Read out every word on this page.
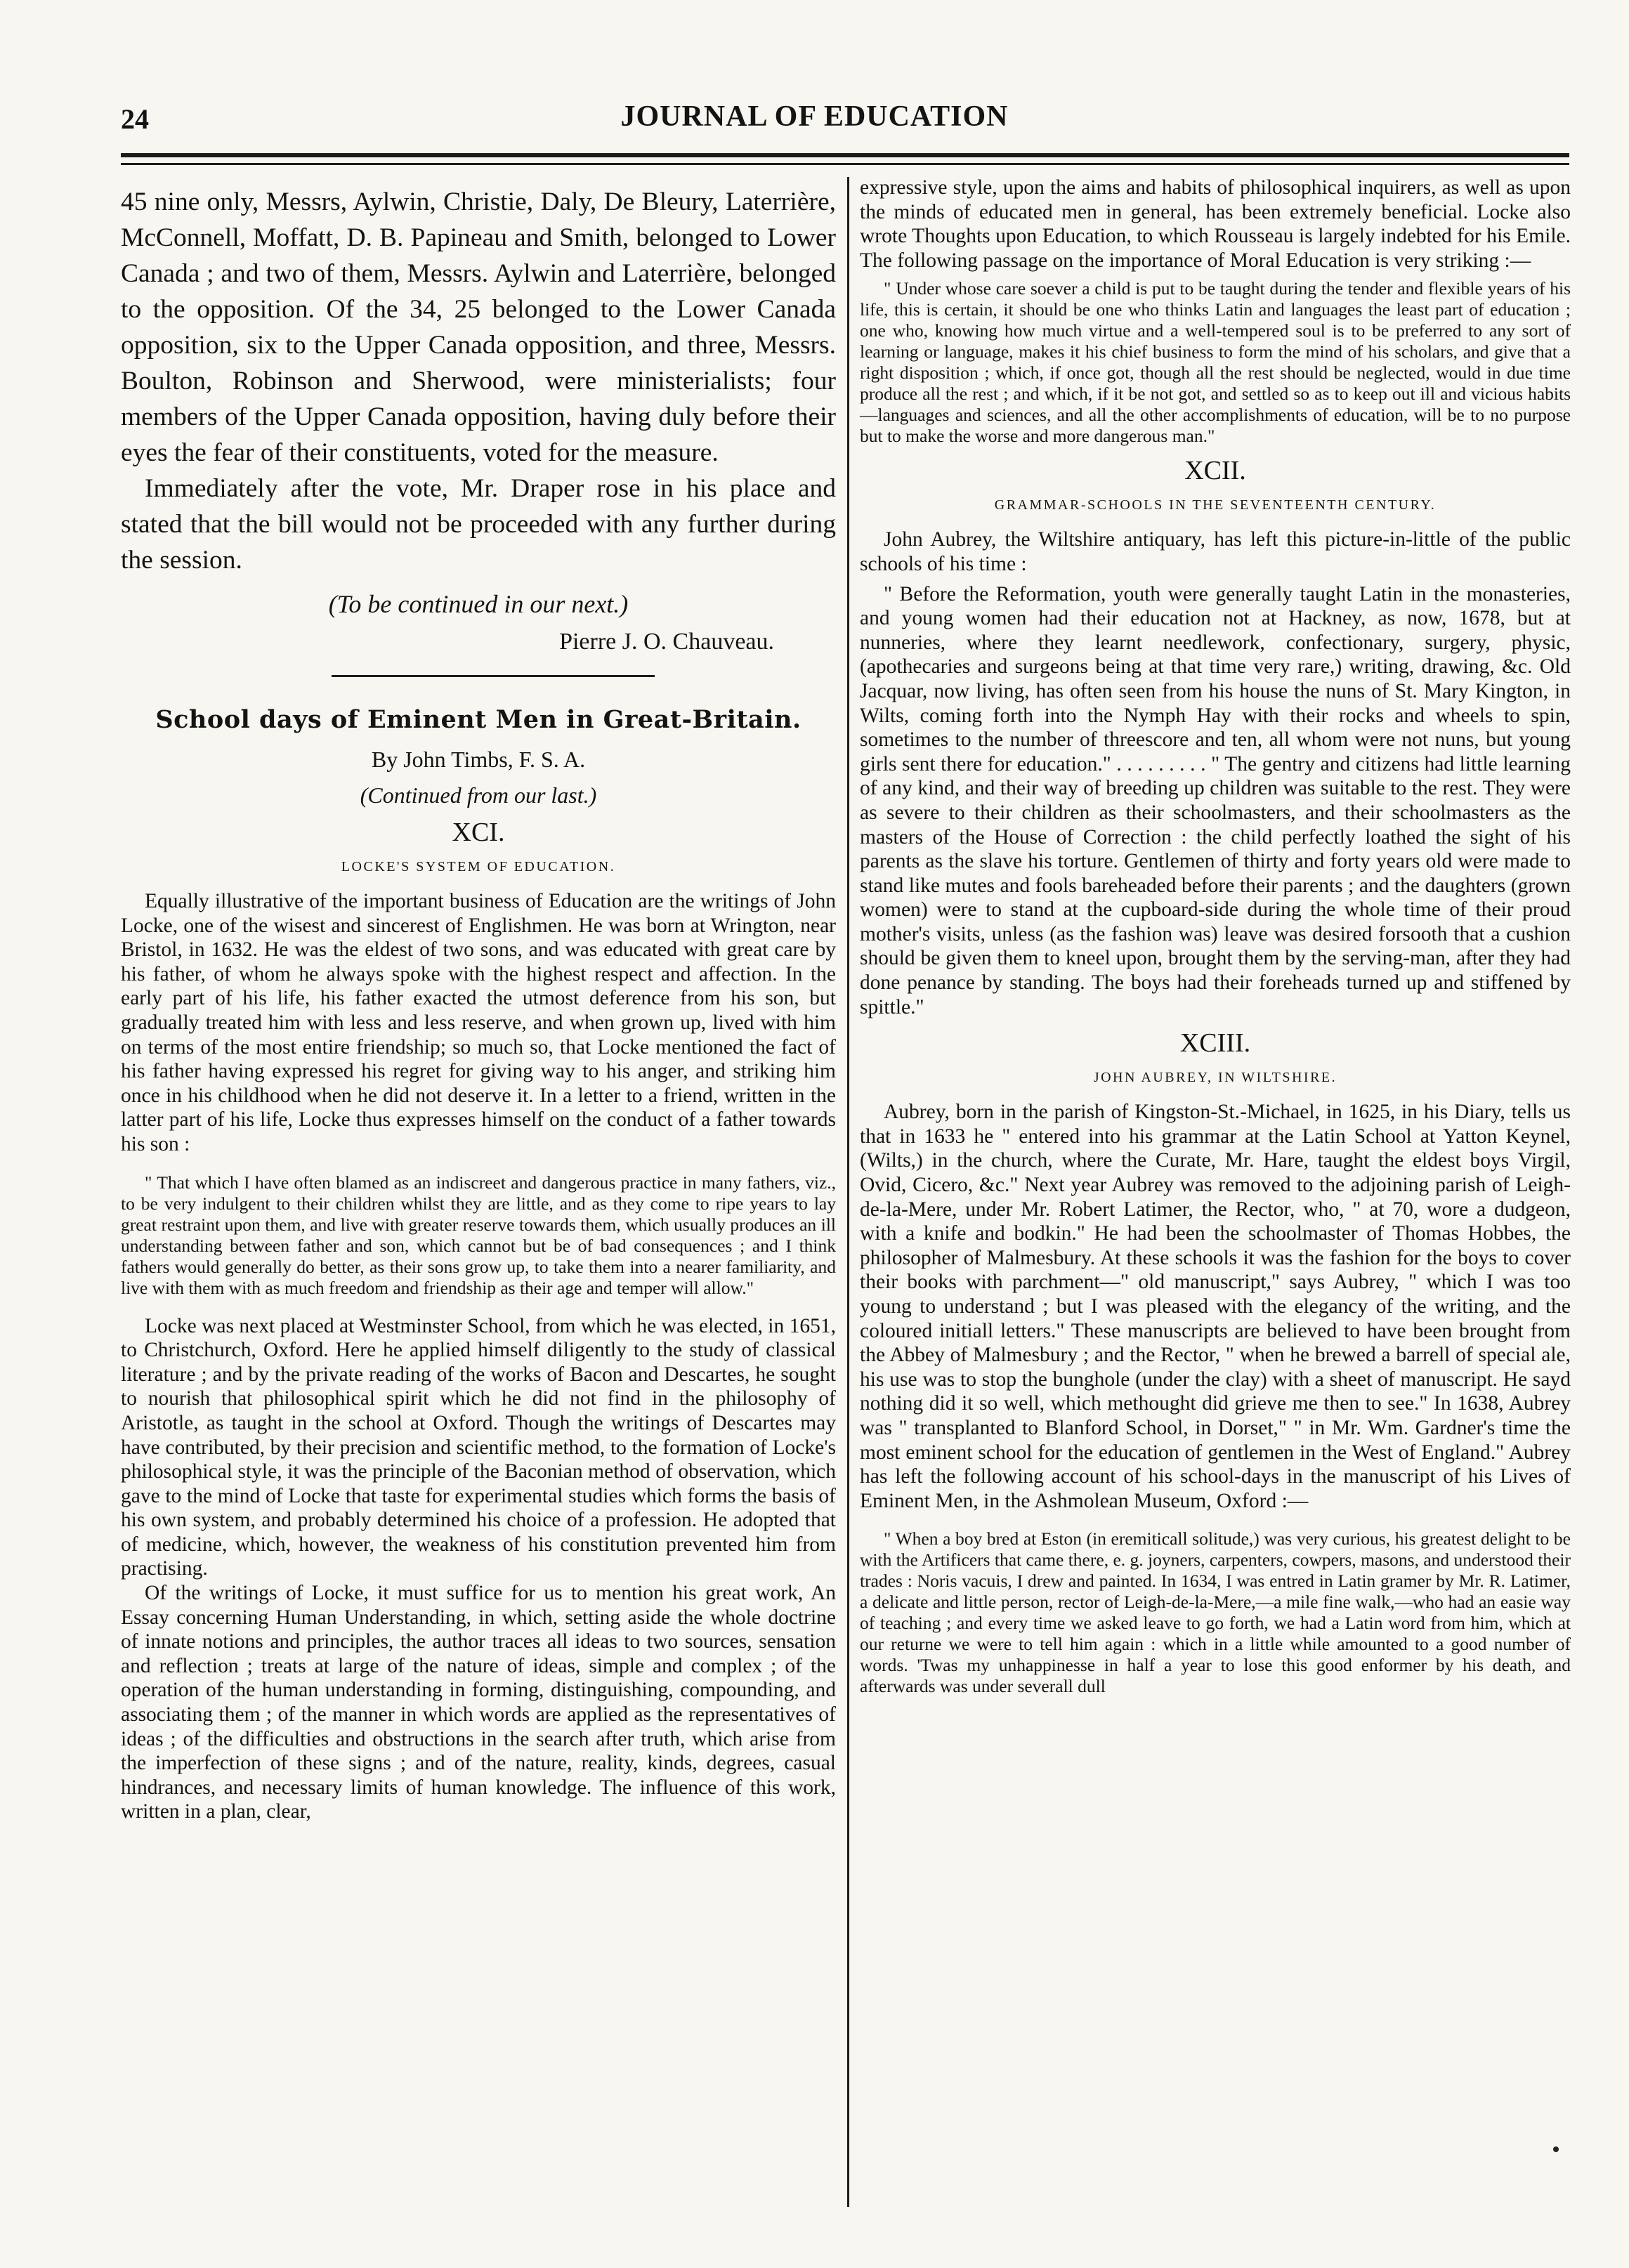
24	JOURNAL OF EDUCATION

45 nine only, Messrs, Aylwin, Christie, Daly, De Bleury, Laterrière, McConnell, Moffatt, D. B. Papineau and Smith, belonged to Lower Canada ; and two of them, Messrs. Aylwin and Laterrière, belonged to the opposition. Of the 34, 25 belonged to the Lower Canada opposition, six to the Upper Canada opposition, and three, Messrs. Boulton, Robinson and Sherwood, were ministerialists; four members of the Upper Canada opposition, having duly before their eyes the fear of their constituents, voted for the measure.

Immediately after the vote, Mr. Draper rose in his place and stated that the bill would not be proceeded with any further during the session.

(To be continued in our next.)
Pierre J. O. Chauveau.
School days of Eminent Men in Great-Britain.
By John Timbs, F. S. A.
(Continued from our last.)
XCI.
LOCKE'S SYSTEM OF EDUCATION.

Equally illustrative of the important business of Education are the writings of John Locke, one of the wisest and sincerest of Englishmen. He was born at Wrington, near Bristol, in 1632. He was the eldest of two sons, and was educated with great care by his father, of whom he always spoke with the highest respect and affection. In the early part of his life, his father exacted the utmost deference from his son, but gradually treated him with less and less reserve, and when grown up, lived with him on terms of the most entire friendship; so much so, that Locke mentioned the fact of his father having expressed his regret for giving way to his anger, and striking him once in his childhood when he did not deserve it. In a letter to a friend, written in the latter part of his life, Locke thus expresses himself on the conduct of a father towards his son :

" That which I have often blamed as an indiscreet and dangerous practice in many fathers, viz., to be very indulgent to their children whilst they are little, and as they come to ripe years to lay great restraint upon them, and live with greater reserve towards them, which usually produces an ill understanding between father and son, which cannot but be of bad consequences ; and I think fathers would generally do better, as their sons grow up, to take them into a nearer familiarity, and live with them with as much freedom and friendship as their age and temper will allow."

Locke was next placed at Westminster School, from which he was elected, in 1651, to Christchurch, Oxford. Here he applied himself diligently to the study of classical literature ; and by the private reading of the works of Bacon and Descartes, he sought to nourish that philosophical spirit which he did not find in the philosophy of Aristotle, as taught in the school at Oxford. Though the writings of Descartes may have contributed, by their precision and scientific method, to the formation of Locke's philosophical style, it was the principle of the Baconian method of observation, which gave to the mind of Locke that taste for experimental studies which forms the basis of his own system, and probably determined his choice of a profession. He adopted that of medicine, which, however, the weakness of his constitution prevented him from practising.

Of the writings of Locke, it must suffice for us to mention his great work, An Essay concerning Human Understanding, in which, setting aside the whole doctrine of innate notions and principles, the author traces all ideas to two sources, sensation and reflection ; treats at large of the nature of ideas, simple and complex ; of the operation of the human understanding in forming, distinguishing, compounding, and associating them ; of the manner in which words are applied as the representatives of ideas ; of the difficulties and obstructions in the search after truth, which arise from the imperfection of these signs ; and of the nature, reality, kinds, degrees, casual hindrances, and necessary limits of human knowledge. The influence of this work, written in a plan, clear,

expressive style, upon the aims and habits of philosophical inquirers, as well as upon the minds of educated men in general, has been extremely beneficial. Locke also wrote Thoughts upon Education, to which Rousseau is largely indebted for his Emile. The following passage on the importance of Moral Education is very striking :—

" Under whose care soever a child is put to be taught during the tender and flexible years of his life, this is certain, it should be one who thinks Latin and languages the least part of education ; one who, knowing how much virtue and a well-tempered soul is to be preferred to any sort of learning or language, makes it his chief business to form the mind of his scholars, and give that a right disposition ; which, if once got, though all the rest should be neglected, would in due time produce all the rest ; and which, if it be not got, and settled so as to keep out ill and vicious habits—languages and sciences, and all the other accomplishments of education, will be to no purpose but to make the worse and more dangerous man."

XCII.
GRAMMAR-SCHOOLS IN THE SEVENTEENTH CENTURY.

John Aubrey, the Wiltshire antiquary, has left this picture-in-little of the public schools of his time :

" Before the Reformation, youth were generally taught Latin in the monasteries, and young women had their education not at Hackney, as now, 1678, but at nunneries, where they learnt needlework, confectionary, surgery, physic, (apothecaries and surgeons being at that time very rare,) writing, drawing, &c. Old Jacquar, now living, has often seen from his house the nuns of St. Mary Kington, in Wilts, coming forth into the Nymph Hay with their rocks and wheels to spin, sometimes to the number of threescore and ten, all whom were not nuns, but young girls sent there for education." . . . . . . . . . " The gentry and citizens had little learning of any kind, and their way of breeding up children was suitable to the rest. They were as severe to their children as their schoolmasters, and their schoolmasters as the masters of the House of Correction : the child perfectly loathed the sight of his parents as the slave his torture. Gentlemen of thirty and forty years old were made to stand like mutes and fools bareheaded before their parents ; and the daughters (grown women) were to stand at the cupboard-side during the whole time of their proud mother's visits, unless (as the fashion was) leave was desired forsooth that a cushion should be given them to kneel upon, brought them by the serving-man, after they had done penance by standing. The boys had their foreheads turned up and stiffened by spittle."

XCIII.
JOHN AUBREY, IN WILTSHIRE.

Aubrey, born in the parish of Kingston-St.-Michael, in 1625, in his Diary, tells us that in 1633 he " entered into his grammar at the Latin School at Yatton Keynel, (Wilts,) in the church, where the Curate, Mr. Hare, taught the eldest boys Virgil, Ovid, Cicero, &c." Next year Aubrey was removed to the adjoining parish of Leigh-de-la-Mere, under Mr. Robert Latimer, the Rector, who, " at 70, wore a dudgeon, with a knife and bodkin." He had been the schoolmaster of Thomas Hobbes, the philosopher of Malmesbury. At these schools it was the fashion for the boys to cover their books with parchment—" old manuscript," says Aubrey, " which I was too young to understand ; but I was pleased with the elegancy of the writing, and the coloured initiall letters." These manuscripts are believed to have been brought from the Abbey of Malmesbury ; and the Rector, " when he brewed a barrell of special ale, his use was to stop the bunghole (under the clay) with a sheet of manuscript. He sayd nothing did it so well, which methought did grieve me then to see." In 1638, Aubrey was " transplanted to Blanford School, in Dorset," " in Mr. Wm. Gardner's time the most eminent school for the education of gentlemen in the West of England." Aubrey has left the following account of his school-days in the manuscript of his Lives of Eminent Men, in the Ashmolean Museum, Oxford :—

" When a boy bred at Eston (in eremiticall solitude,) was very curious, his greatest delight to be with the Artificers that came there, e. g. joyners, carpenters, cowpers, masons, and understood their trades : Noris vacuis, I drew and painted. In 1634, I was entred in Latin gramer by Mr. R. Latimer, a delicate and little person, rector of Leigh-de-la-Mere,—a mile fine walk,—who had an easie way of teaching ; and every time we asked leave to go forth, we had a Latin word from him, which at our returne we were to tell him again : which in a little while amounted to a good number of words. 'Twas my unhappinesse in half a year to lose this good enformer by his death, and afterwards was under severall dull
